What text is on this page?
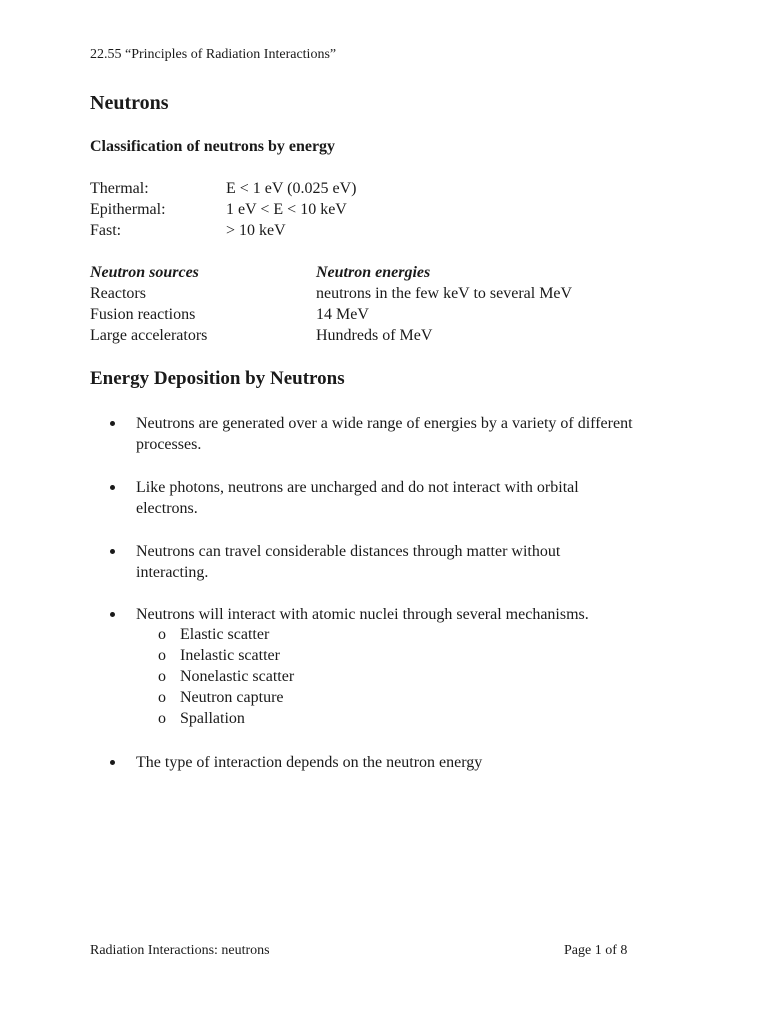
22.55 “Principles of Radiation Interactions”
Neutrons
Classification of neutrons by energy
Thermal:	E < 1 eV (0.025 eV)
Epithermal:	1 eV < E < 10 keV
Fast:	> 10 keV
Neutron sources	Neutron energies
Reactors	neutrons in the few keV to several MeV
Fusion reactions	14 MeV
Large accelerators	Hundreds of MeV
Energy Deposition by Neutrons
Neutrons are generated over a wide range of energies by a variety of different processes.
Like photons, neutrons are uncharged and do not interact with orbital electrons.
Neutrons can travel considerable distances through matter without interacting.
Neutrons will interact with atomic nuclei through several mechanisms.
o Elastic scatter
o Inelastic scatter
o Nonelastic scatter
o Neutron capture
o Spallation
The type of interaction depends on the neutron energy
Radiation Interactions: neutrons	Page 1 of 8
